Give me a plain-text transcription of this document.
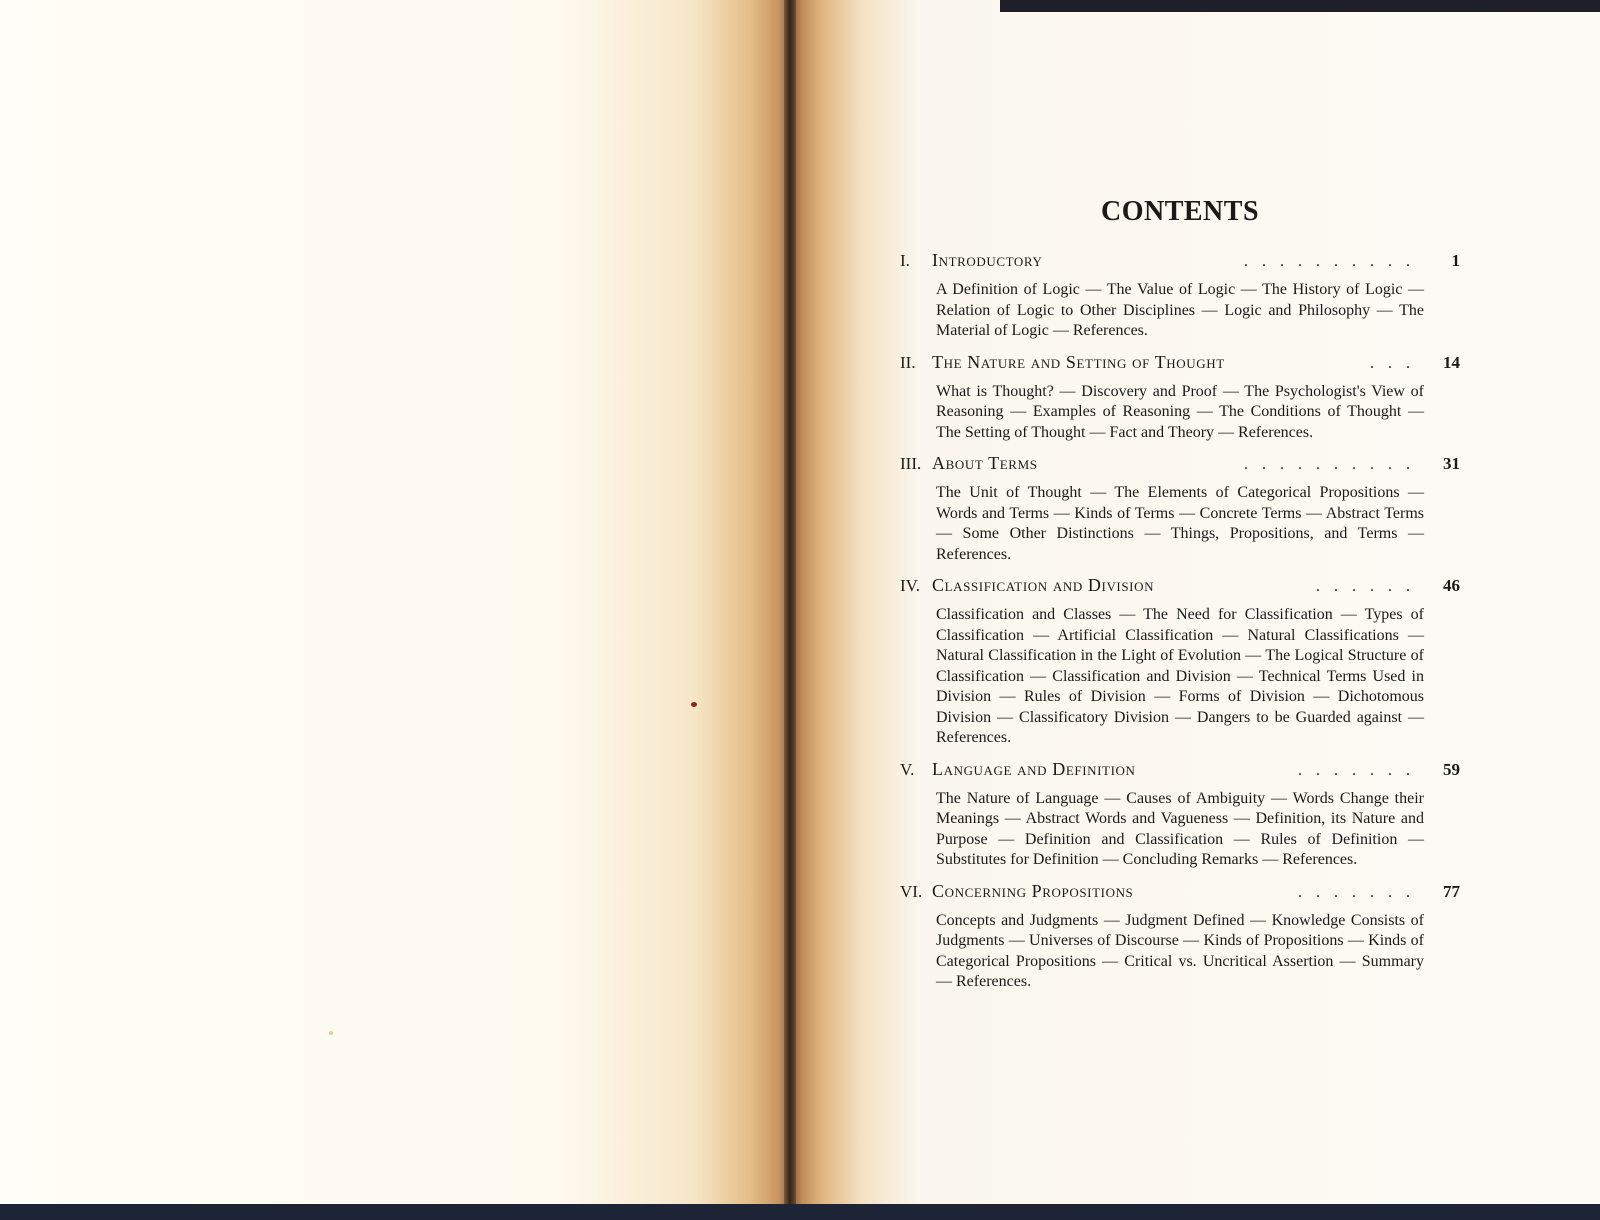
CONTENTS
I.	Introductory	..........	1
A Definition of Logic — The Value of Logic — The History of Logic — Relation of Logic to Other Disciplines — Logic and Philosophy — The Material of Logic — References.
II. The Nature and Setting of Thought	...	14
What is Thought? — Discovery and Proof — The Psychologist's View of Reasoning — Examples of Reasoning — The Conditions of Thought — The Setting of Thought — Fact and Theory — References.
III. About Terms	..........	31
The Unit of Thought — The Elements of Categorical Propositions — Words and Terms — Kinds of Terms — Concrete Terms — Abstract Terms — Some Other Distinctions — Things, Propositions, and Terms — References.
IV. Classification and Division	......	46
Classification and Classes — The Need for Classification — Types of Classification — Artificial Classification — Natural Classifications — Natural Classification in the Light of Evolution — The Logical Structure of Classification — Classification and Division — Technical Terms Used in Division — Rules of Division — Forms of Division — Dichotomous Division — Classificatory Division — Dangers to be Guarded against — References.
V. Language and Definition	.......	59
The Nature of Language — Causes of Ambiguity — Words Change their Meanings — Abstract Words and Vagueness — Definition, its Nature and Purpose — Definition and Classification — Rules of Definition — Substitutes for Definition — Concluding Remarks — References.
VI. Concerning Propositions	.......	77
Concepts and Judgments — Judgment Defined — Knowledge Consists of Judgments — Universes of Discourse — Kinds of Propositions — Kinds of Categorical Propositions — Critical vs. Uncritical Assertion — Summary — References.
